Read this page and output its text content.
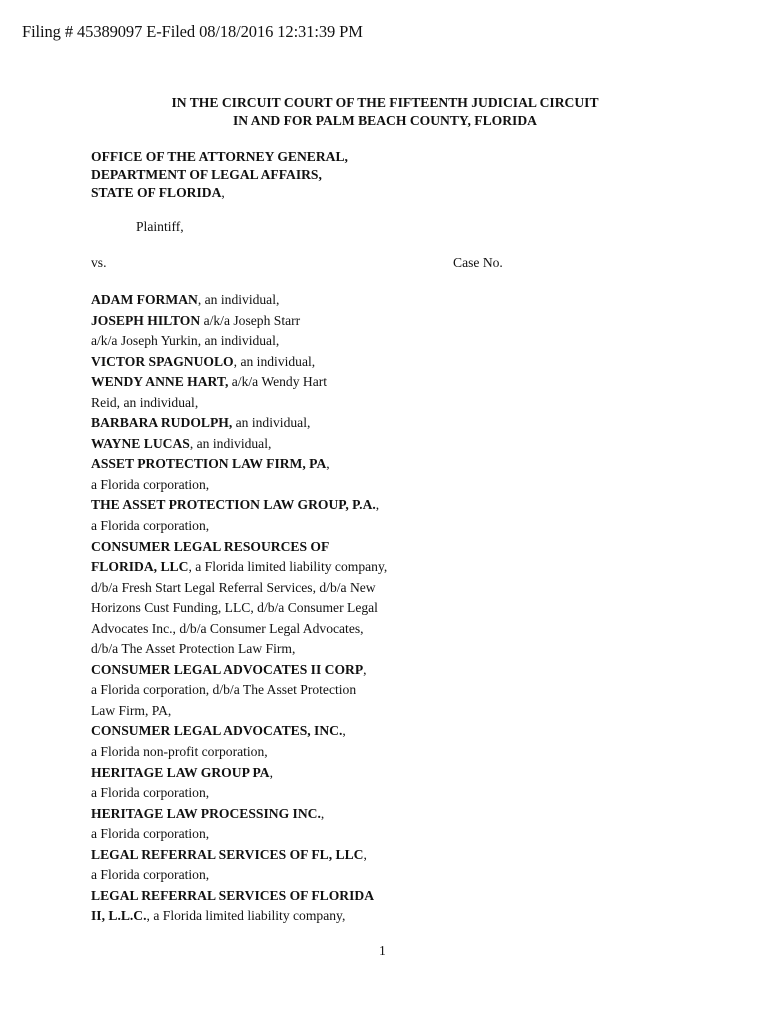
Filing # 45389097 E-Filed 08/18/2016 12:31:39 PM
IN THE CIRCUIT COURT OF THE FIFTEENTH JUDICIAL CIRCUIT
IN AND FOR PALM BEACH COUNTY, FLORIDA
OFFICE OF THE ATTORNEY GENERAL,
DEPARTMENT OF LEGAL AFFAIRS,
STATE OF FLORIDA,
Plaintiff,
vs.	Case No.
ADAM FORMAN, an individual,
JOSEPH HILTON a/k/a Joseph Starr
a/k/a Joseph Yurkin, an individual,
VICTOR SPAGNUOLO, an individual,
WENDY ANNE HART, a/k/a Wendy Hart
Reid, an individual,
BARBARA RUDOLPH, an individual,
WAYNE LUCAS, an individual,
ASSET PROTECTION LAW FIRM, PA,
a Florida corporation,
THE ASSET PROTECTION LAW GROUP, P.A.,
a Florida corporation,
CONSUMER LEGAL RESOURCES OF
FLORIDA, LLC, a Florida limited liability company,
d/b/a Fresh Start Legal Referral Services, d/b/a New
Horizons Cust Funding, LLC, d/b/a Consumer Legal
Advocates Inc., d/b/a Consumer Legal Advocates,
d/b/a The Asset Protection Law Firm,
CONSUMER LEGAL ADVOCATES II CORP,
a Florida corporation, d/b/a The Asset Protection
Law Firm, PA,
CONSUMER LEGAL ADVOCATES, INC.,
a Florida non-profit corporation,
HERITAGE LAW GROUP PA,
a Florida corporation,
HERITAGE LAW PROCESSING INC.,
a Florida corporation,
LEGAL REFERRAL SERVICES OF FL, LLC,
a Florida corporation,
LEGAL REFERRAL SERVICES OF FLORIDA
II, L.L.C., a Florida limited liability company,
1
